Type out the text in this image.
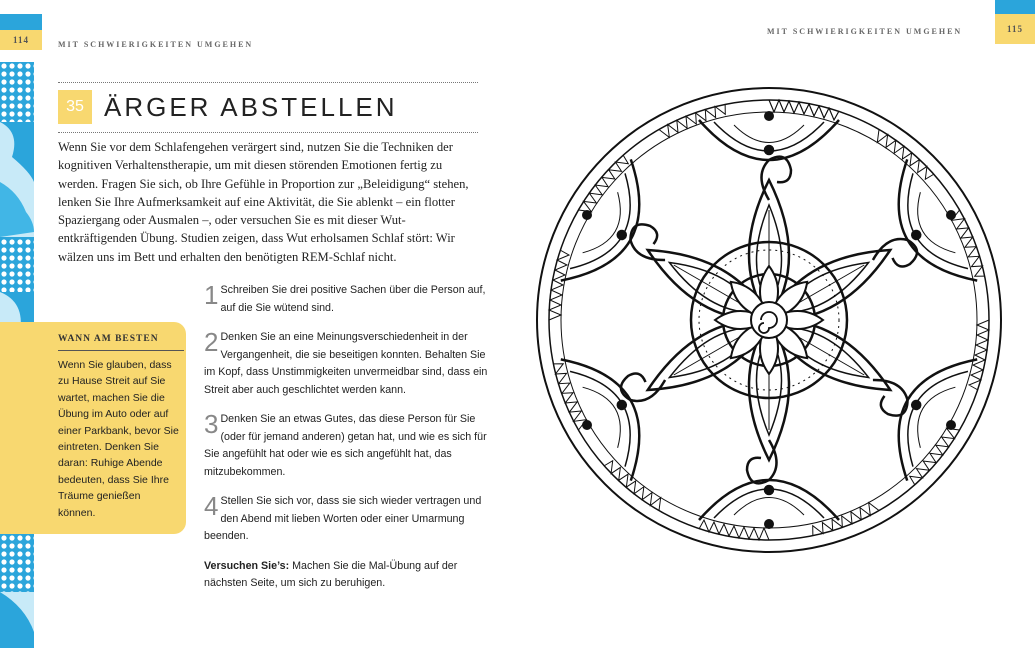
114	MIT SCHWIERIGKEITEN UMGEHEN
35 ÄRGER ABSTELLEN

Wenn Sie vor dem Schlafengehen verärgert sind, nutzen Sie die Techniken der kognitiven Verhaltenstherapie, um mit diesen störenden Emotionen fertig zu werden. Fragen Sie sich, ob Ihre Gefühle in Proportion zur „Beleidigung“ stehen, lenken Sie Ihre Aufmerksamkeit auf eine Aktivität, die Sie ablenkt – ein flotter Spaziergang oder Ausmalen –, oder versuchen Sie es mit dieser Wut-entkräftigenden Übung. Studien zeigen, dass Wut erholsamen Schlaf stört: Wir wälzen uns im Bett und erhalten den benötigten REM-Schlaf nicht.

WANN AM BESTEN
Wenn Sie glauben, dass zu Hause Streit auf Sie wartet, machen Sie die Übung im Auto oder auf einer Parkbank, bevor Sie eintreten. Denken Sie daran: Ruhige Abende bedeuten, dass Sie Ihre Träume genießen können.
1 Schreiben Sie drei positive Sachen über die Person auf, auf die Sie wütend sind.
2 Denken Sie an eine Meinungsverschiedenheit in der Vergangenheit, die sie beseitigen konnten. Behalten Sie im Kopf, dass Unstimmigkeiten unvermeidbar sind, dass ein Streit aber auch geschlichtet werden kann.
3 Denken Sie an etwas Gutes, das diese Person für Sie (oder für jemand anderen) getan hat, und wie es sich für Sie angefühlt hat oder wie es sich angefühlt hat, das mitzubekommen.
4 Stellen Sie sich vor, dass sie sich wieder vertragen und den Abend mit lieben Worten oder einer Umarmung beenden.
Versuchen Sie’s: Machen Sie die Mal-Übung auf der nächsten Seite, um sich zu beruhigen.
MIT SCHWIERIGKEITEN UMGEHEN	115
